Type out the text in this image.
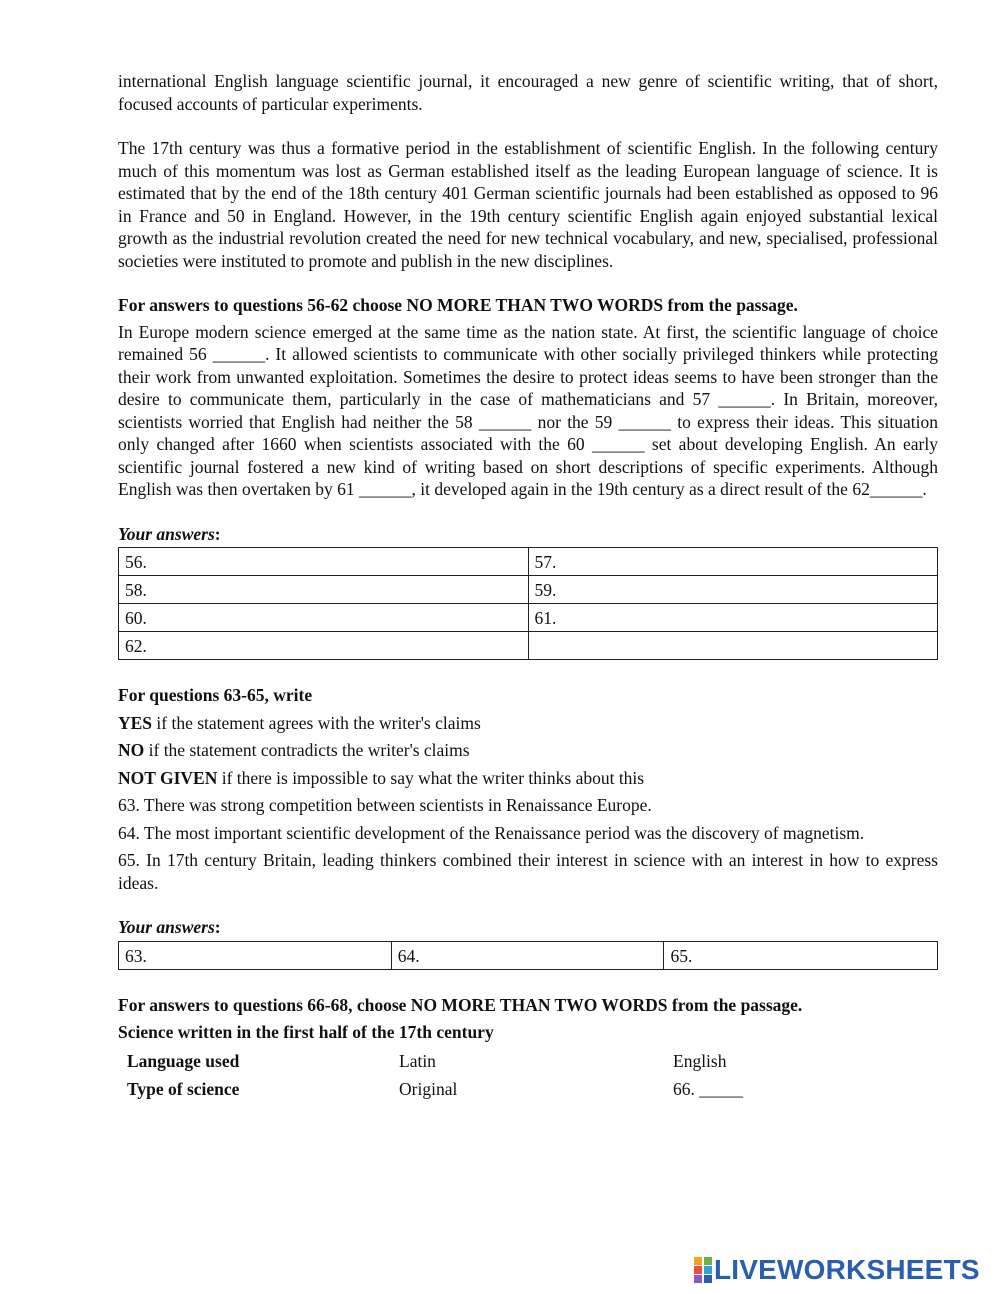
international English language scientific journal, it encouraged a new genre of scientific writing, that of short, focused accounts of particular experiments.

The 17th century was thus a formative period in the establishment of scientific English. In the following century much of this momentum was lost as German established itself as the leading European language of science. It is estimated that by the end of the 18th century 401 German scientific journals had been established as opposed to 96 in France and 50 in England. However, in the 19th century scientific English again enjoyed substantial lexical growth as the industrial revolution created the need for new technical vocabulary, and new, specialised, professional societies were instituted to promote and publish in the new disciplines.

For answers to questions 56-62 choose NO MORE THAN TWO WORDS from the passage.

In Europe modern science emerged at the same time as the nation state. At first, the scientific language of choice remained 56 ______. It allowed scientists to communicate with other socially privileged thinkers while protecting their work from unwanted exploitation. Sometimes the desire to protect ideas seems to have been stronger than the desire to communicate them, particularly in the case of mathematicians and 57 ______. In Britain, moreover, scientists worried that English had neither the 58 ______ nor the 59 ______ to express their ideas. This situation only changed after 1660 when scientists associated with the 60 ______ set about developing English. An early scientific journal fostered a new kind of writing based on short descriptions of specific experiments. Although English was then overtaken by 61 ______, it developed again in the 19th century as a direct result of the 62______.

Your answers:

56.	57.
58.	59.
60.	61.
62.	

For questions 63-65, write

YES if the statement agrees with the writer's claims

NO if the statement contradicts the writer's claims

NOT GIVEN if there is impossible to say what the writer thinks about this

63. There was strong competition between scientists in Renaissance Europe.

64. The most important scientific development of the Renaissance period was the discovery of magnetism.

65. In 17th century Britain, leading thinkers combined their interest in science with an interest in how to express ideas.

Your answers:

63.	64.	65.

For answers to questions 66-68, choose NO MORE THAN TWO WORDS from the passage.

Science written in the first half of the 17th century

Language used	Latin	English
Type of science	Original	66. _____
LIVEWORKSHEETS
